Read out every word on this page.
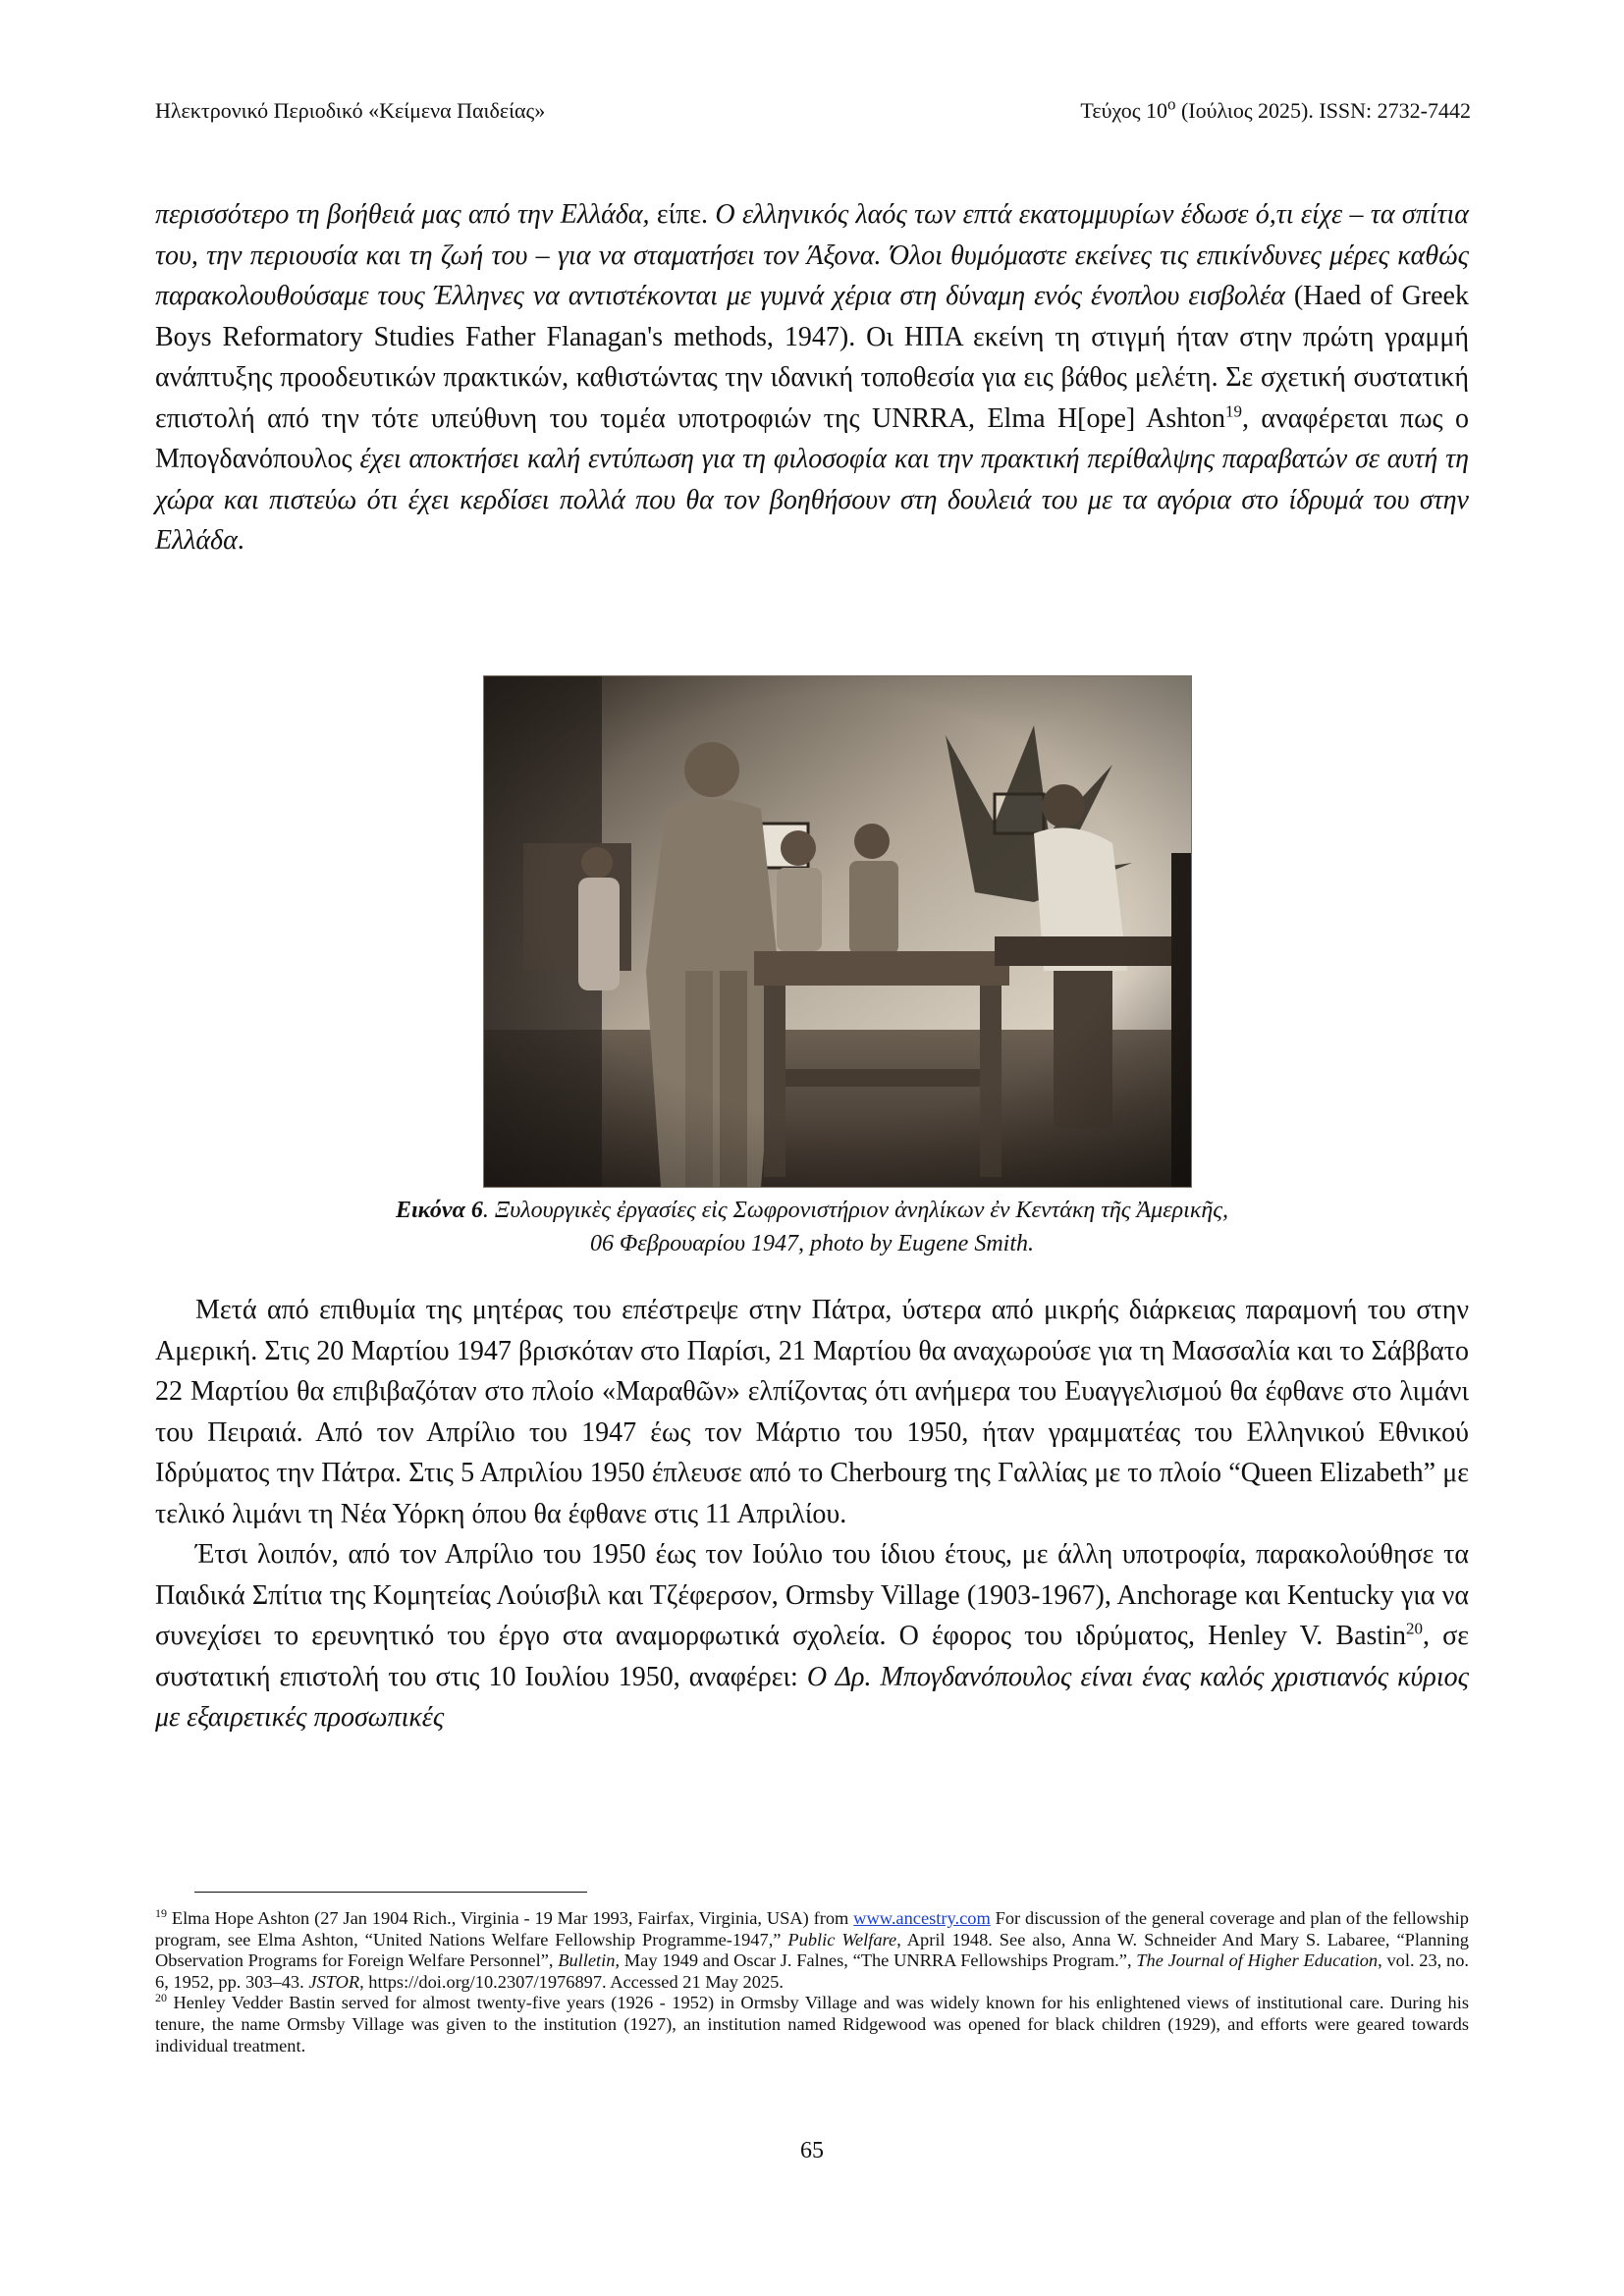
Ηλεκτρονικό Περιοδικό «Κείμενα Παιδείας»	Τεύχος $10^o$ (Ιούλιος 2025). ISSN: 2732-7442

περισσότερο τη βοήθειά μας από την Ελλάδα, είπε. Ο ελληνικός λαός των επτά εκατομμυρίων έδωσε ό,τι είχε – τα σπίτια του, την περιουσία και τη ζωή του – για να σταματήσει τον Άξονα. Όλοι θυμόμαστε εκείνες τις επικίνδυνες μέρες καθώς παρακολουθούσαμε τους Έλληνες να αντιστέκονται με γυμνά χέρια στη δύναμη ενός ένοπλου εισβολέα (Haed of Greek Boys Reformatory Studies Father Flanagan's methods, 1947). Οι ΗΠΑ εκείνη τη στιγμή ήταν στην πρώτη γραμμή ανάπτυξης προοδευτικών πρακτικών, καθιστώντας την ιδανική τοποθεσία για εις βάθος μελέτη. Σε σχετική συστατική επιστολή από την τότε υπεύθυνη του τομέα υποτροφιών της UNRRA, Elma H[ope] Ashton$^{19}$, αναφέρεται πως ο Μπογδανόπουλος έχει αποκτήσει καλή εντύπωση για τη φιλοσοφία και την πρακτική περίθαλψης παραβατών σε αυτή τη χώρα και πιστεύω ότι έχει κερδίσει πολλά που θα τον βοηθήσουν στη δουλειά του με τα αγόρια στο ίδρυμά του στην Ελλάδα.

Εικόνα 6. Ξυλουργικὲς ἐργασίες εἰς Σωφρονιστήριον ἀνηλίκων ἐν Κεντάκη τῆς Ἀμερικῆς,
06 Φεβρουαρίου 1947, photo by Eugene Smith.

Μετά από επιθυμία της μητέρας του επέστρεψε στην Πάτρα, ύστερα από μικρής διάρκειας παραμονή του στην Αμερική. Στις 20 Μαρτίου 1947 βρισκόταν στο Παρίσι, 21 Μαρτίου θα αναχωρούσε για τη Μασσαλία και το Σάββατο 22 Μαρτίου θα επιβιβαζόταν στο πλοίο «Μαραθῶν» ελπίζοντας ότι ανήμερα του Ευαγγελισμού θα έφθανε στο λιμάνι του Πειραιά. Από τον Απρίλιο του 1947 έως τον Μάρτιο του 1950, ήταν γραμματέας του Ελληνικού Εθνικού Ιδρύματος την Πάτρα. Στις 5 Απριλίου 1950 έπλευσε από το Cherbourg της Γαλλίας με το πλοίο “Queen Elizabeth” με τελικό λιμάνι τη Νέα Υόρκη όπου θα έφθανε στις 11 Απριλίου.

Έτσι λοιπόν, από τον Απρίλιο του 1950 έως τον Ιούλιο του ίδιου έτους, με άλλη υποτροφία, παρακολούθησε τα Παιδικά Σπίτια της Κομητείας Λούισβιλ και Τζέφερσον, Ormsby Village (1903-1967), Anchorage και Kentucky για να συνεχίσει το ερευνητικό του έργο στα αναμορφωτικά σχολεία. Ο έφορος του ιδρύματος, Henley V. Bastin$^{20}$, σε συστατική επιστολή του στις 10 Ιουλίου 1950, αναφέρει: Ο Δρ. Μπογδανόπουλος είναι ένας καλός χριστιανός κύριος με εξαιρετικές προσωπικές

$^{19}$ Elma Hope Ashton (27 Jan 1904 Rich., Virginia - 19 Mar 1993, Fairfax, Virginia, USA) from www.ancestry.com For discussion of the general coverage and plan of the fellowship program, see Elma Ashton, “United Nations Welfare Fellowship Programme-1947,” Public Welfare, April 1948. See also, Anna W. Schneider And Mary S. Labaree, “Planning Observation Programs for Foreign Welfare Personnel”, Bulletin, May 1949 and Oscar J. Falnes, “The UNRRA Fellowships Program.”, The Journal of Higher Education, vol. 23, no. 6, 1952, pp. 303–43. JSTOR, https://doi.org/10.2307/1976897. Accessed 21 May 2025.

$^{20}$ Henley Vedder Bastin served for almost twenty-five years (1926 - 1952) in Ormsby Village and was widely known for his enlightened views of institutional care. During his tenure, the name Ormsby Village was given to the institution (1927), an institution named Ridgewood was opened for black children (1929), and efforts were geared towards individual treatment.

65
